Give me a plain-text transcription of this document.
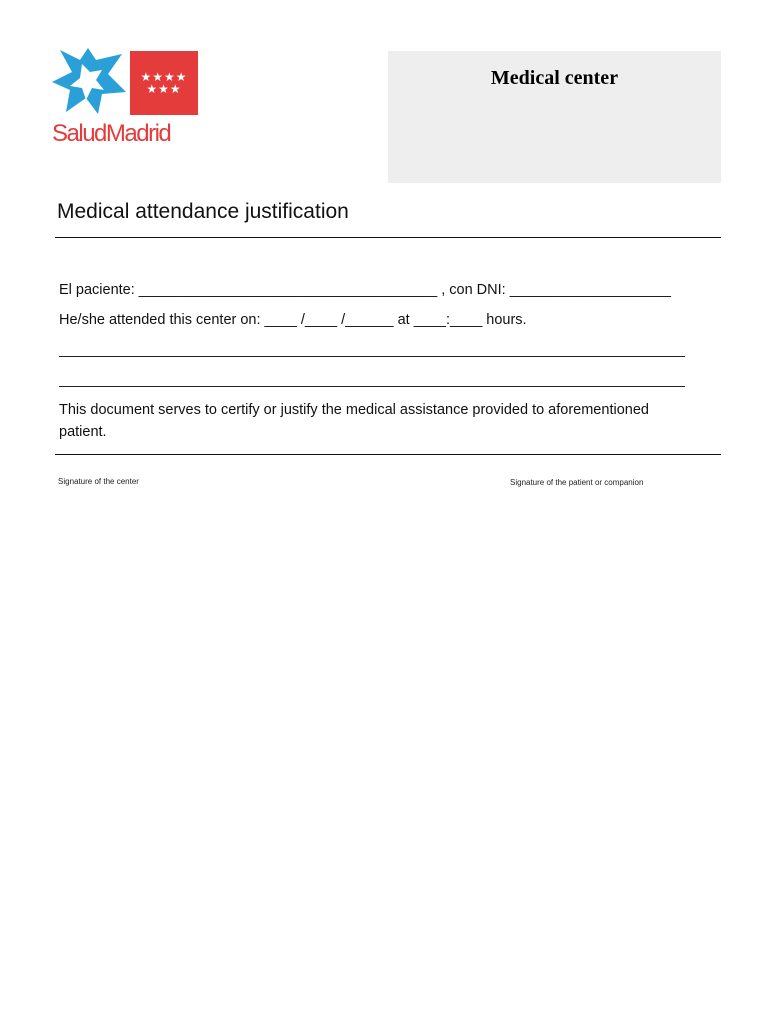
★★★★
★★★
SaludMadrid
Medical center
Medical attendance justification
El paciente: _____________________________________ , con DNI: ____________________
He/she attended this center on: ____ /____ /______ at ____:____ hours.
This document serves to certify or justify the medical assistance provided to aforementioned patient.
Signature of the center	Signature of the patient or companion
